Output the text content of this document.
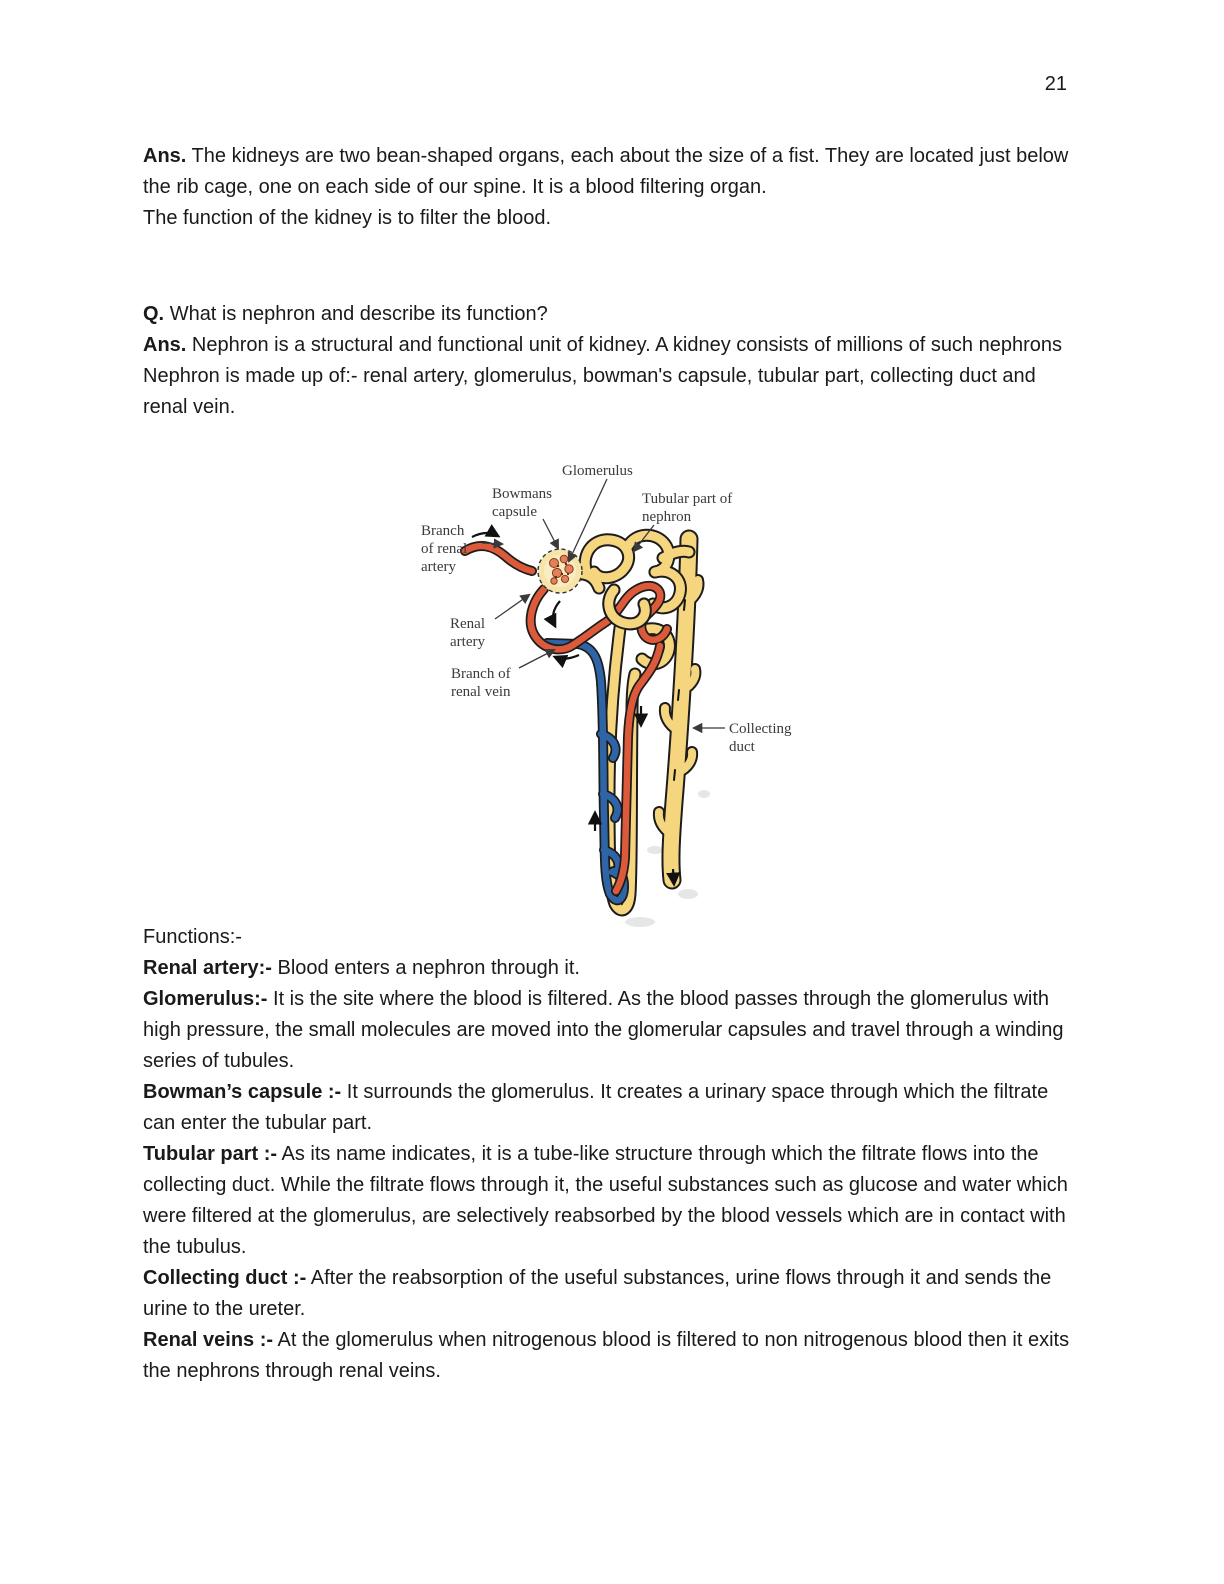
21

Ans. The kidneys are two bean-shaped organs, each about the size of a fist. They are located just below the rib cage, one on each side of our spine. It is a blood filtering organ.

The function of the kidney is to filter the blood.

Q. What is nephron and describe its function?

Ans. Nephron is a structural and functional unit of kidney. A kidney consists of millions of such nephrons Nephron is made up of:- renal artery, glomerulus, bowman's capsule, tubular part, collecting duct and renal vein.

Glomerulus
Bowmans
capsule
Tubular part of
nephron
Branch
of renal
artery
Renal
artery
Branch of
renal vein
Collecting
duct

Functions:-

Renal artery:- Blood enters a nephron through it.

Glomerulus:- It is the site where the blood is filtered. As the blood passes through the glomerulus with high pressure, the small molecules are moved into the glomerular capsules and travel through a winding series of tubules.

Bowman’s capsule :- It surrounds the glomerulus. It creates a urinary space through which the filtrate can enter the tubular part.

Tubular part :- As its name indicates, it is a tube-like structure through which the filtrate flows into the collecting duct. While the filtrate flows through it, the useful substances such as glucose and water which were filtered at the glomerulus, are selectively reabsorbed by the blood vessels which are in contact with the tubulus.

Collecting duct :- After the reabsorption of the useful substances, urine flows through it and sends the urine to the ureter.

Renal veins :- At the glomerulus when nitrogenous blood is filtered to non nitrogenous blood then it exits the nephrons through renal veins.
